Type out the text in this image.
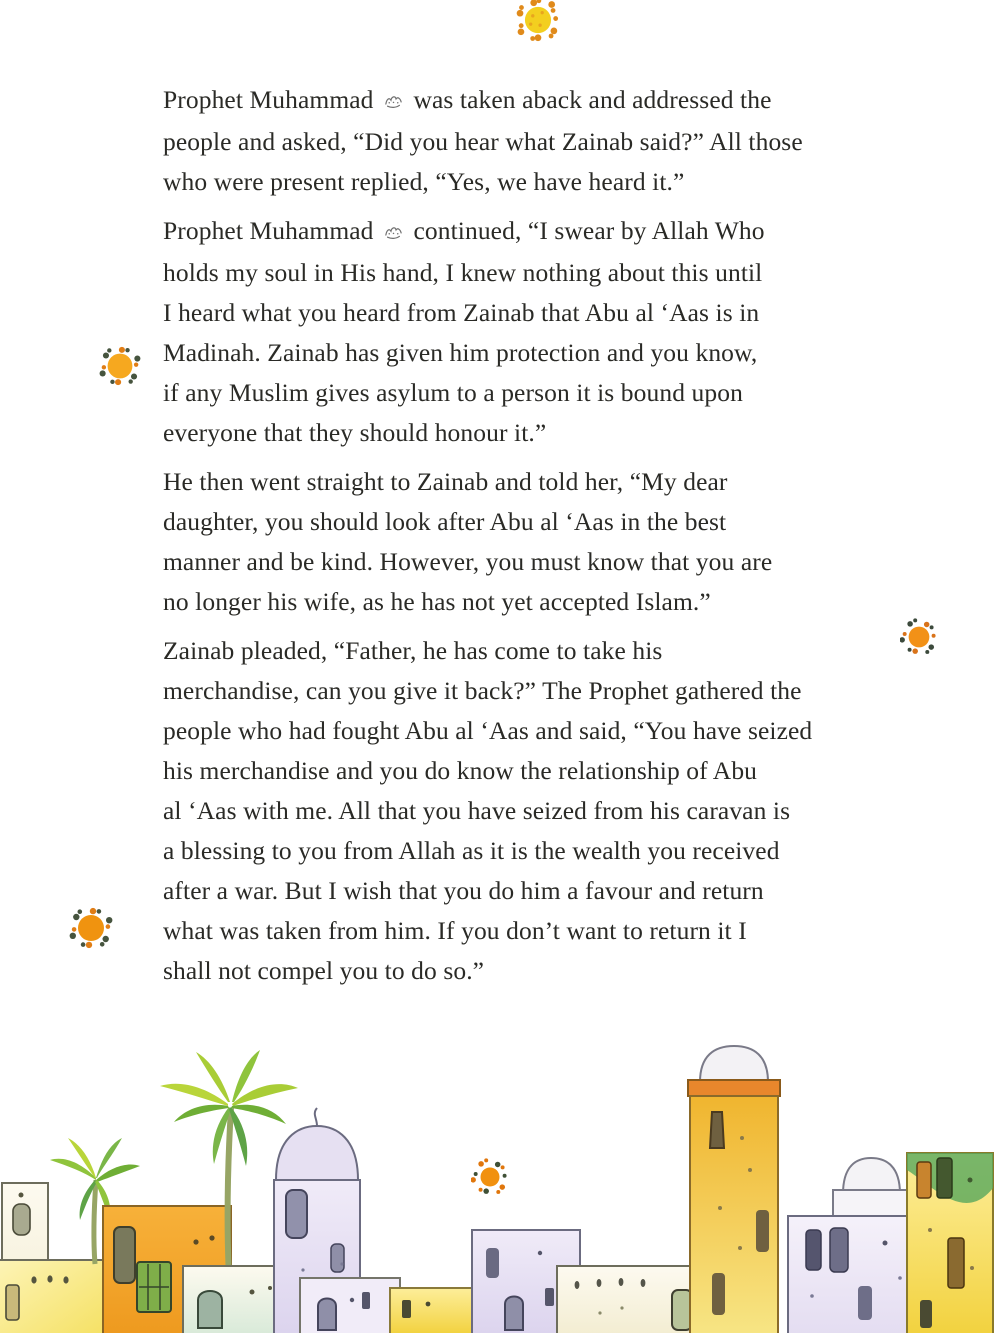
Prophet Muhammad  was taken aback and addressed the
people and asked, “Did you hear what Zainab said?” All those
who were present replied, “Yes, we have heard it.”

Prophet Muhammad  continued, “I swear by Allah Who
holds my soul in His hand, I knew nothing about this until
I heard what you heard from Zainab that Abu al ‘Aas is in
Madinah. Zainab has given him protection and you know,
if any Muslim gives asylum to a person it is bound upon
everyone that they should honour it.”

He then went straight to Zainab and told her, “My dear
daughter, you should look after Abu al ‘Aas in the best
manner and be kind. However, you must know that you are
no longer his wife, as he has not yet accepted Islam.”

Zainab pleaded, “Father, he has come to take his
merchandise, can you give it back?” The Prophet gathered the
people who had fought Abu al ‘Aas and said, “You have seized
his merchandise and you do know the relationship of Abu
al ‘Aas with me. All that you have seized from his caravan is
a blessing to you from Allah as it is the wealth you received
after a war. But I wish that you do him a favour and return
what was taken from him. If you don’t want to return it I
shall not compel you to do so.”
